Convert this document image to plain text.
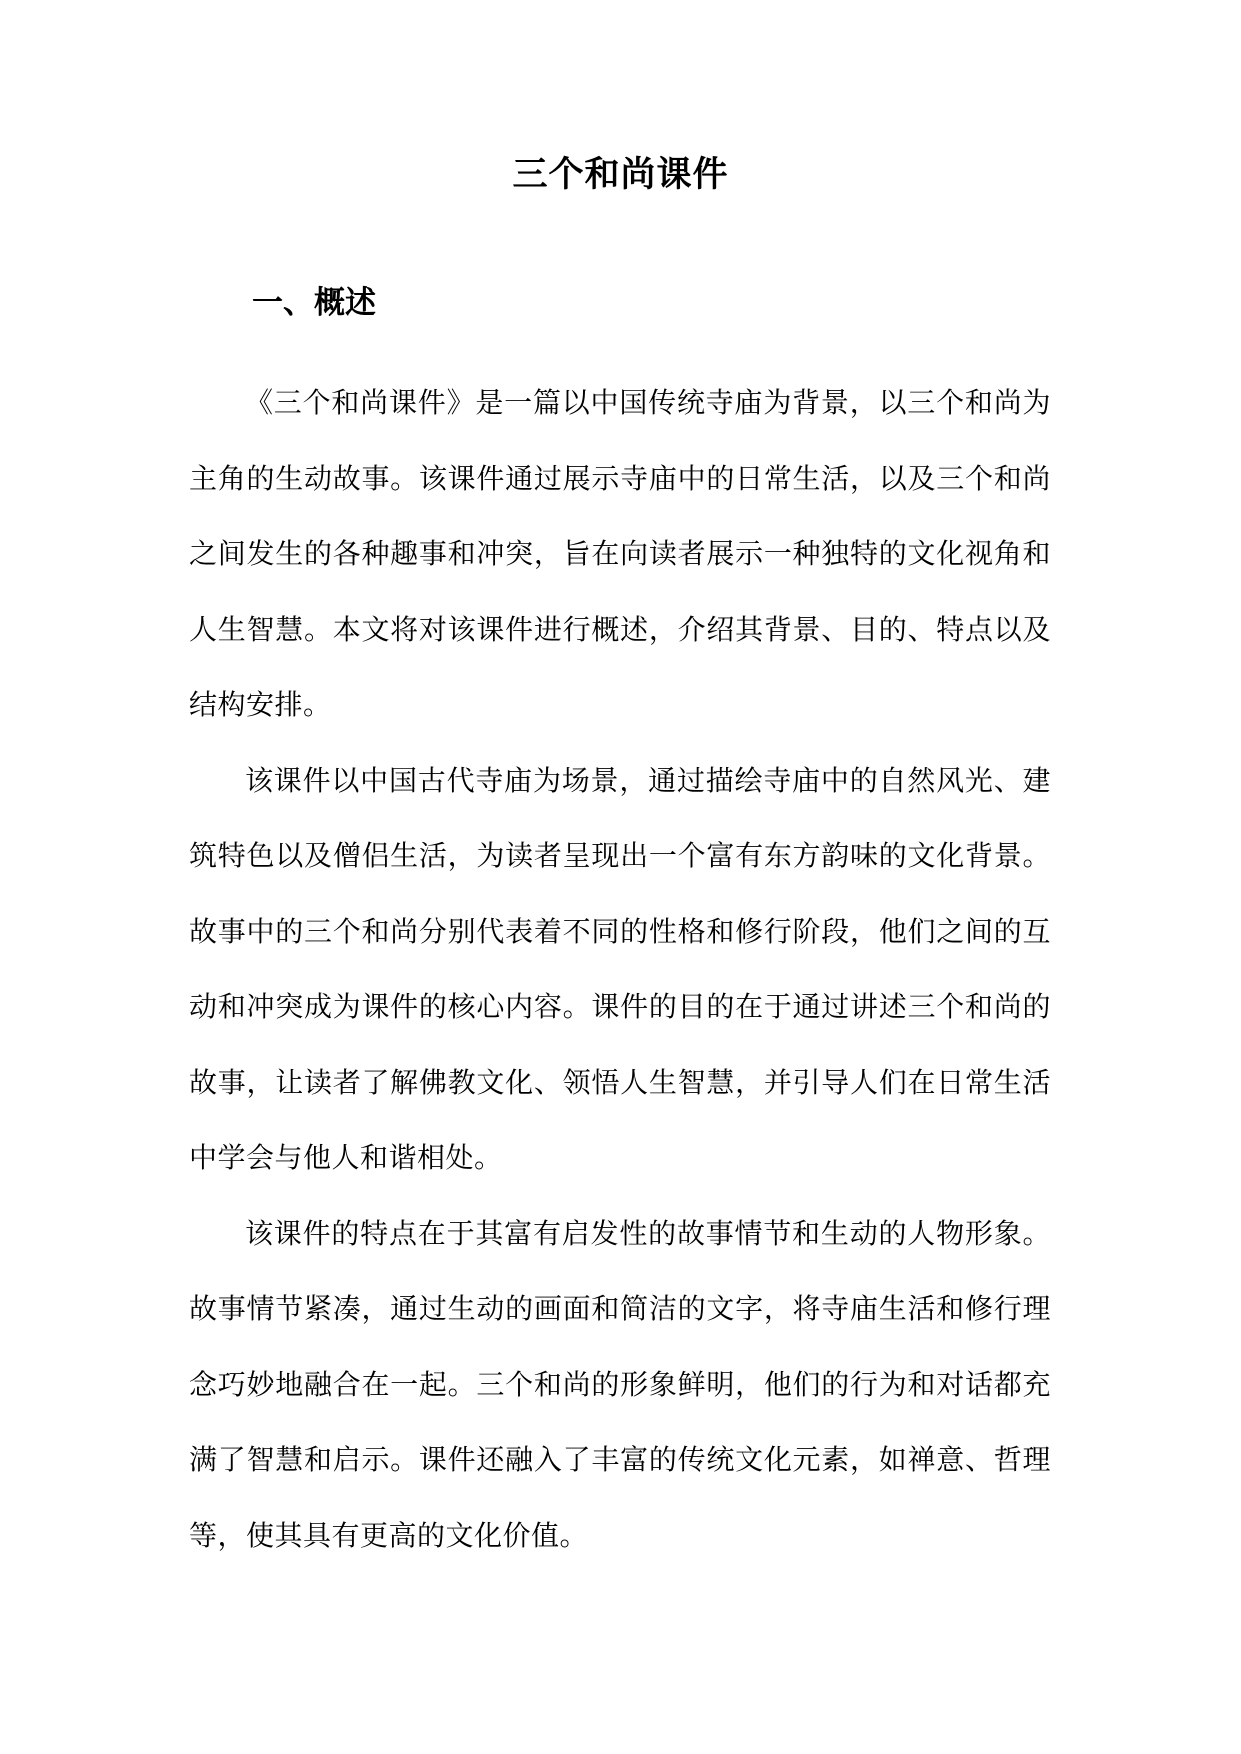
三个和尚课件
一、概述

《三个和尚课件》是一篇以中国传统寺庙为背景，以三个和尚为主角的生动故事。该课件通过展示寺庙中的日常生活，以及三个和尚之间发生的各种趣事和冲突，旨在向读者展示一种独特的文化视角和人生智慧。本文将对该课件进行概述，介绍其背景、目的、特点以及结构安排。

该课件以中国古代寺庙为场景，通过描绘寺庙中的自然风光、建筑特色以及僧侣生活，为读者呈现出一个富有东方韵味的文化背景。故事中的三个和尚分别代表着不同的性格和修行阶段，他们之间的互动和冲突成为课件的核心内容。课件的目的在于通过讲述三个和尚的故事，让读者了解佛教文化、领悟人生智慧，并引导人们在日常生活中学会与他人和谐相处。

该课件的特点在于其富有启发性的故事情节和生动的人物形象。故事情节紧凑，通过生动的画面和简洁的文字，将寺庙生活和修行理念巧妙地融合在一起。三个和尚的形象鲜明，他们的行为和对话都充满了智慧和启示。课件还融入了丰富的传统文化元素，如禅意、哲理等，使其具有更高的文化价值。
